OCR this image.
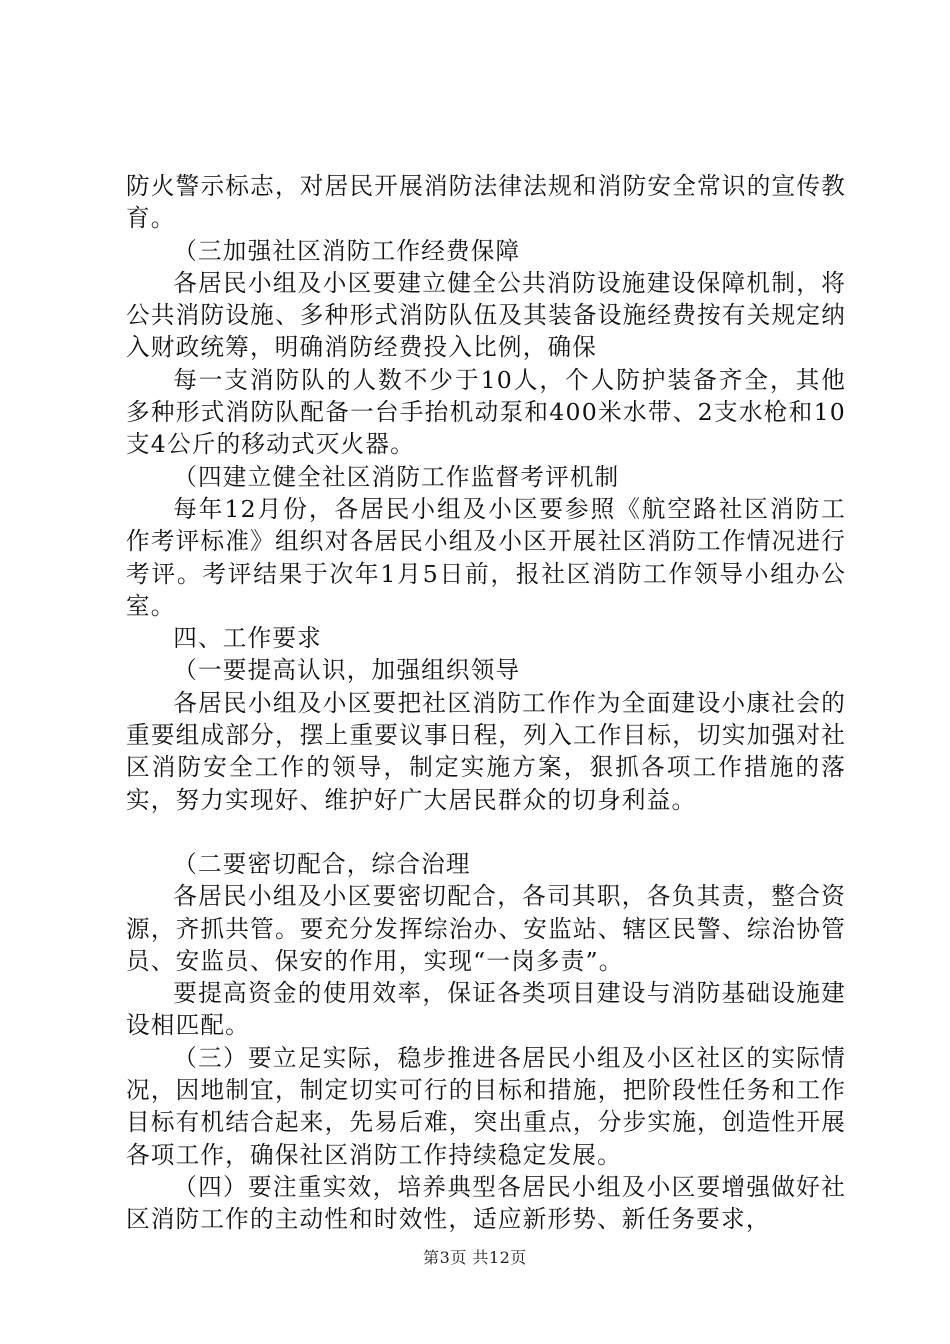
防火警示标志，对居民开展消防法律法规和消防安全常识的宣传教育。

（三加强社区消防工作经费保障

各居民小组及小区要建立健全公共消防设施建设保障机制，将公共消防设施、多种形式消防队伍及其装备设施经费按有关规定纳入财政统筹，明确消防经费投入比例，确保

每一支消防队的人数不少于10人，个人防护装备齐全，其他多种形式消防队配备一台手抬机动泵和400米水带、2支水枪和10支4公斤的移动式灭火器。

（四建立健全社区消防工作监督考评机制

每年12月份，各居民小组及小区要参照《航空路社区消防工作考评标准》组织对各居民小组及小区开展社区消防工作情况进行考评。考评结果于次年1月5日前，报社区消防工作领导小组办公室。

四、工作要求

（一要提高认识，加强组织领导

各居民小组及小区要把社区消防工作作为全面建设小康社会的重要组成部分，摆上重要议事日程，列入工作目标，切实加强对社区消防安全工作的领导，制定实施方案，狠抓各项工作措施的落实，努力实现好、维护好广大居民群众的切身利益。

（二要密切配合，综合治理

各居民小组及小区要密切配合，各司其职，各负其责，整合资源，齐抓共管。要充分发挥综治办、安监站、辖区民警、综治协管员、安监员、保安的作用，实现“一岗多责”。

要提高资金的使用效率，保证各类项目建设与消防基础设施建设相匹配。

（三）要立足实际，稳步推进各居民小组及小区社区的实际情况，因地制宜，制定切实可行的目标和措施，把阶段性任务和工作目标有机结合起来，先易后难，突出重点，分步实施，创造性开展各项工作，确保社区消防工作持续稳定发展。

（四）要注重实效，培养典型各居民小组及小区要增强做好社区消防工作的主动性和时效性，适应新形势、新任务要求，

第3页 共12页
